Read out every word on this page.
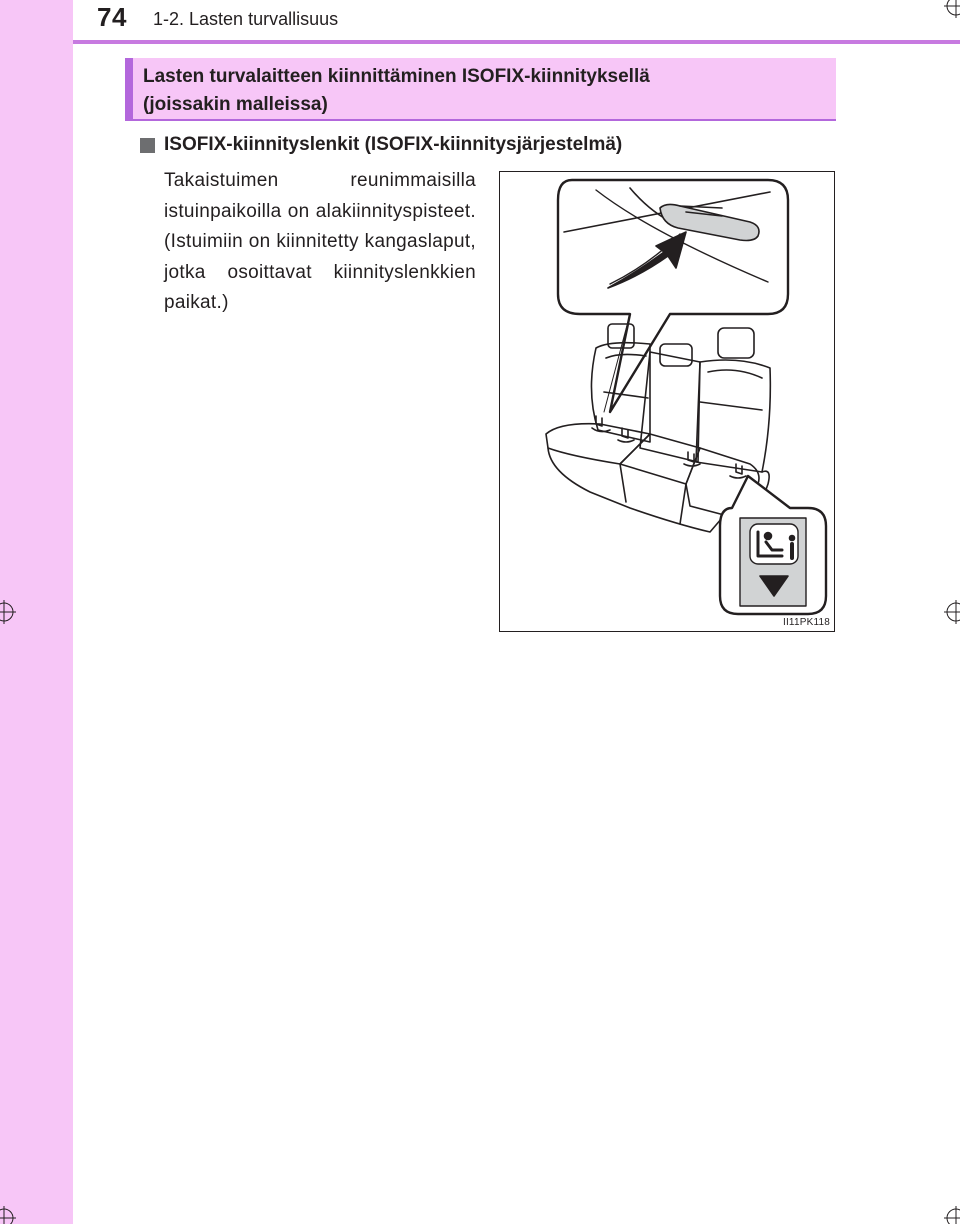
74 1-2. Lasten turvallisuus

Lasten turvalaitteen kiinnittäminen ISOFIX-kiinnityksellä

(joissakin malleissa)

ISOFIX-kiinnityslenkit (ISOFIX-kiinnitysjärjestelmä)
Takaistuimen reunimmaisilla istuinpaikoilla on alakiinnityspisteet. (Istuimiin on kiinnitetty kangaslaput, jotka osoittavat kiinnityslenkkien paikat.)
II11PK118
